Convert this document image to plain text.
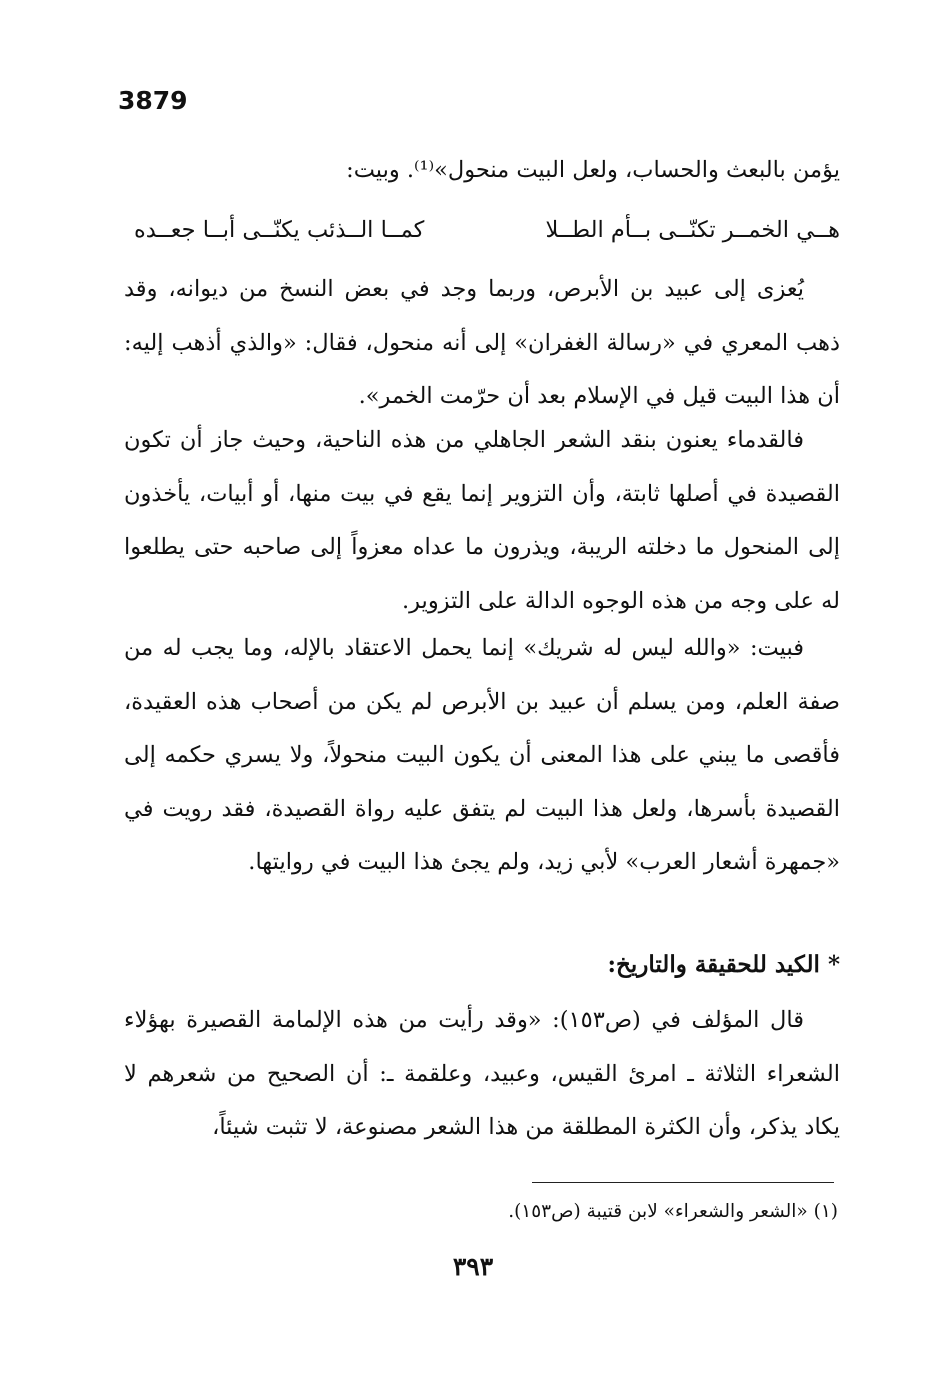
3879

يؤمن بالبعث والحساب، ولعل البيت منحول»⁽¹⁾. وبيت:

هــي الخمــر تكنّــى بــأم الطــلا
كمــا الــذئب يكنّــى أبــا جعــده

يُعزى إلى عبيد بن الأبرص، وربما وجد في بعض النسخ من ديوانه، وقد ذهب المعري في «رسالة الغفران» إلى أنه منحول، فقال: «والذي أذهب إليه: أن هذا البيت قيل في الإسلام بعد أن حرّمت الخمر».

فالقدماء يعنون بنقد الشعر الجاهلي من هذه الناحية، وحيث جاز أن تكون القصيدة في أصلها ثابتة، وأن التزوير إنما يقع في بيت منها، أو أبيات، يأخذون إلى المنحول ما دخلته الريبة، ويذرون ما عداه معزواً إلى صاحبه حتى يطلعوا له على وجه من هذه الوجوه الدالة على التزوير.

فبيت: «والله ليس له شريك» إنما يحمل الاعتقاد بالإله، وما يجب له من صفة العلم، ومن يسلم أن عبيد بن الأبرص لم يكن من أصحاب هذه العقيدة، فأقصى ما يبني على هذا المعنى أن يكون البيت منحولاً، ولا يسري حكمه إلى القصيدة بأسرها، ولعل هذا البيت لم يتفق عليه رواة القصيدة، فقد رويت في «جمهرة أشعار العرب» لأبي زيد، ولم يجئ هذا البيت في روايتها.

* الكيد للحقيقة والتاريخ:

قال المؤلف في (ص١٥٣): «وقد رأيت من هذه الإلمامة القصيرة بهؤلاء الشعراء الثلاثة ـ امرئ القيس، وعبيد، وعلقمة ـ: أن الصحيح من شعرهم لا يكاد يذكر، وأن الكثرة المطلقة من هذا الشعر مصنوعة، لا تثبت شيئاً،

(١) «الشعر والشعراء» لابن قتيبة (ص١٥٣).
٣٩٣
